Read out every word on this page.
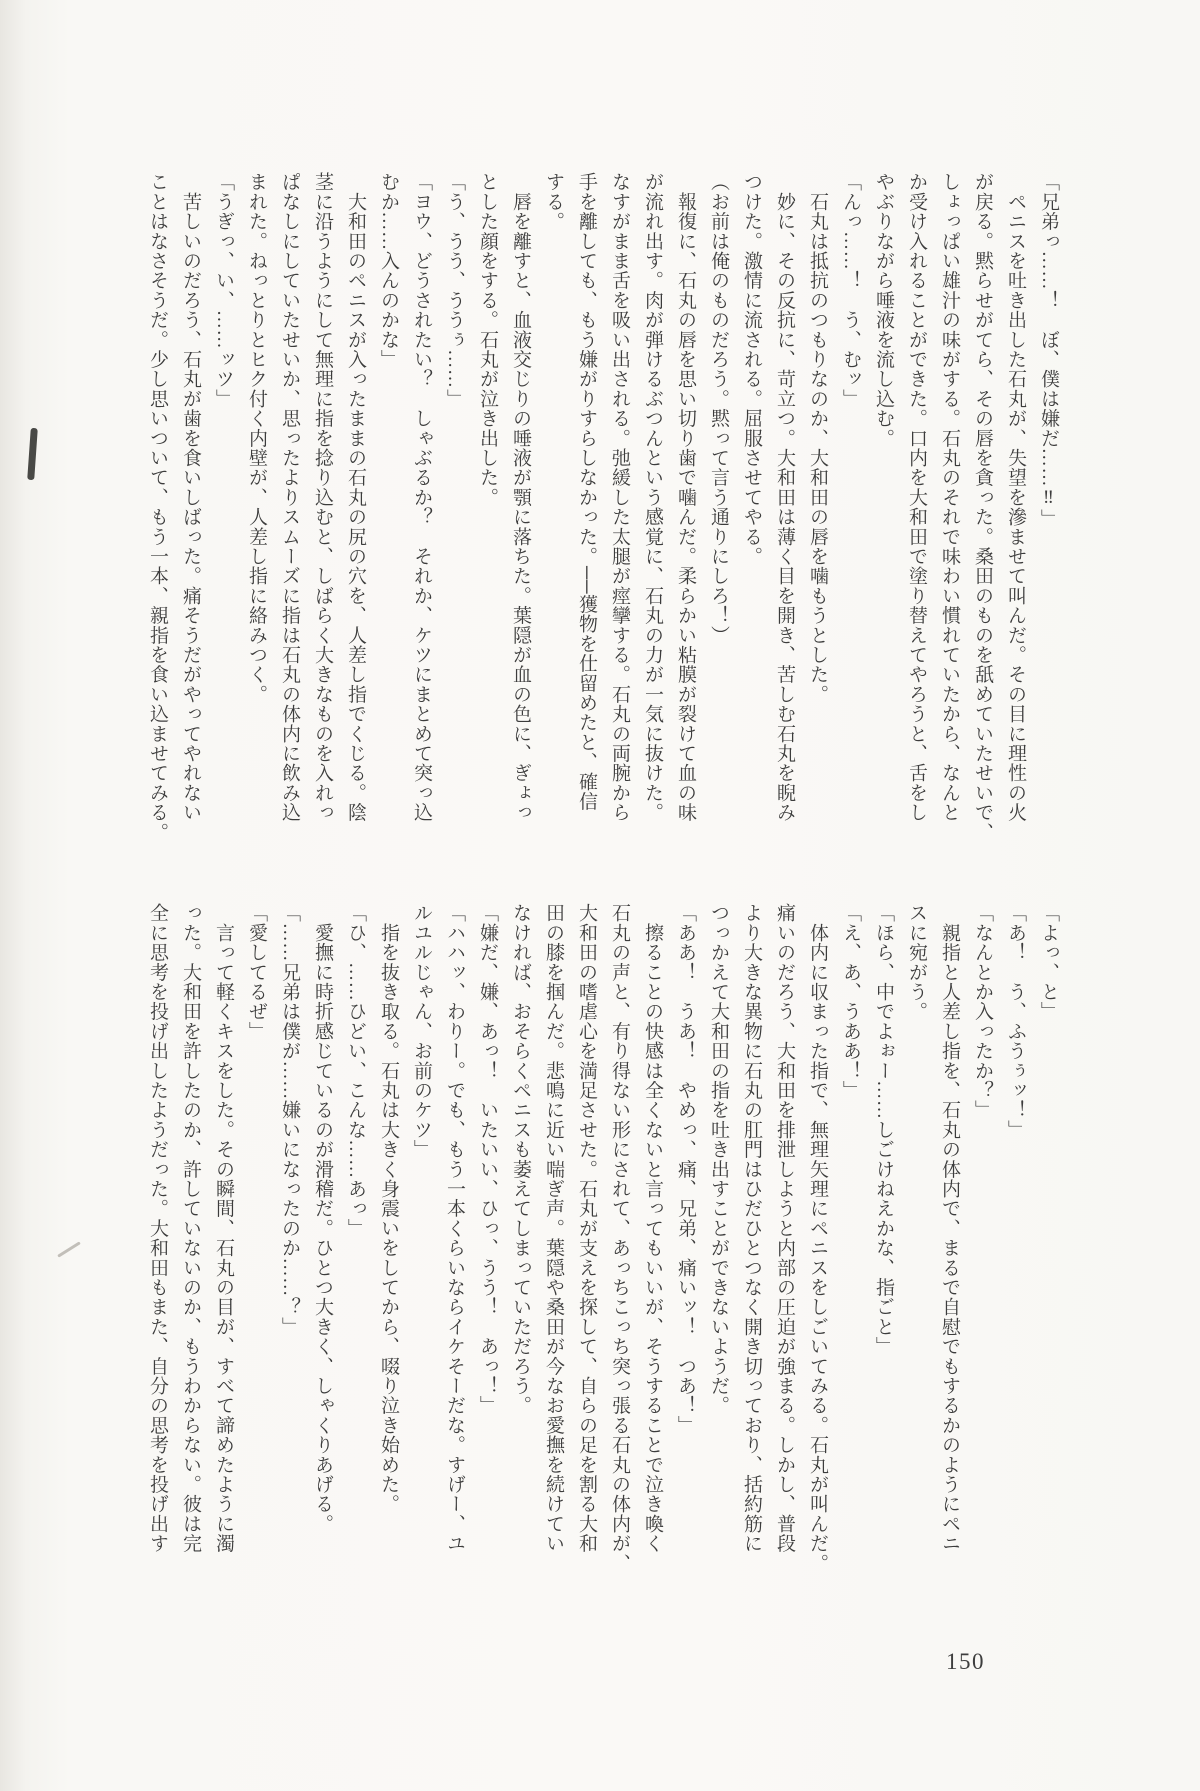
「兄弟っ……！　ぼ、僕は嫌だ……‼」

　ペニスを吐き出した石丸が、失望を滲ませて叫んだ。その目に理性の火

が戻る。黙らせがてら、その唇を貪った。桑田のものを舐めていたせいで、

しょっぱい雄汁の味がする。石丸のそれで味わい慣れていたから、なんと

か受け入れることができた。口内を大和田で塗り替えてやろうと、舌をし

やぶりながら唾液を流し込む。

「んっ……！　う、むッ」

　石丸は抵抗のつもりなのか、大和田の唇を噛もうとした。

　妙に、その反抗に、苛立つ。大和田は薄く目を開き、苦しむ石丸を睨み

つけた。激情に流される。屈服させてやる。

（お前は俺のものだろう。黙って言う通りにしろ！）

　報復に、石丸の唇を思い切り歯で噛んだ。柔らかい粘膜が裂けて血の味

が流れ出す。肉が弾けるぶつんという感覚に、石丸の力が一気に抜けた。

なすがまま舌を吸い出される。弛緩した太腿が痙攣する。石丸の両腕から

手を離しても、もう嫌がりすらしなかった。──獲物を仕留めたと、確信

する。

　唇を離すと、血液交じりの唾液が顎に落ちた。葉隠が血の色に、ぎょっ

とした顔をする。石丸が泣き出した。

「う、うう、ううぅ……」

「ヨウ、どうされたい？　しゃぶるか？　それか、ケツにまとめて突っ込

むか……入んのかな」

　大和田のペニスが入ったままの石丸の尻の穴を、人差し指でくじる。陰

茎に沿うようにして無理に指を捻り込むと、しばらく大きなものを入れっ

ぱなしにしていたせいか、思ったよりスムーズに指は石丸の体内に飲み込

まれた。ねっとりとヒク付く内壁が、人差し指に絡みつく。

「うぎっ、い、……ッツ」

　苦しいのだろう、石丸が歯を食いしばった。痛そうだがやってやれない

ことはなさそうだ。少し思いついて、もう一本、親指を食い込ませてみる。

「よっ、と」

「あ！　う、ふうぅッ！」

「なんとか入ったか？」

　親指と人差し指を、石丸の体内で、まるで自慰でもするかのようにペニ

スに宛がう。

「ほら、中でよぉー……しごけねえかな、指ごと」

「え、あ、うああ！」

　体内に収まった指で、無理矢理にペニスをしごいてみる。石丸が叫んだ。

痛いのだろう、大和田を排泄しようと内部の圧迫が強まる。しかし、普段

より大きな異物に石丸の肛門はひだひとつなく開き切っており、括約筋に

つっかえて大和田の指を吐き出すことができないようだ。

「ああ！　うあ！　やめっ、痛、兄弟、痛いッ！　つあ！」

　擦ることの快感は全くないと言ってもいいが、そうすることで泣き喚く

石丸の声と、有り得ない形にされて、あっちこっち突っ張る石丸の体内が、

大和田の嗜虐心を満足させた。石丸が支えを探して、自らの足を割る大和

田の膝を掴んだ。悲鳴に近い喘ぎ声。葉隠や桑田が今なお愛撫を続けてい

なければ、おそらくペニスも萎えてしまっていただろう。

「嫌だ、嫌、あっ！　いたいい、ひっ、うう！　あっ！」

「ハハッ、わりー。でも、もう一本くらいならイケそーだな。すげー、ユ

ルユルじゃん、お前のケツ」

　指を抜き取る。石丸は大きく身震いをしてから、啜り泣き始めた。

「ひ、……ひどい、こんな……あっ」

　愛撫に時折感じているのが滑稽だ。ひとつ大きく、しゃくりあげる。

「……兄弟は僕が……嫌いになったのか……？」

「愛してるぜ」

　言って軽くキスをした。その瞬間、石丸の目が、すべて諦めたように濁

った。大和田を許したのか、許していないのか、もうわからない。彼は完

全に思考を投げ出したようだった。大和田もまた、自分の思考を投げ出す

150
